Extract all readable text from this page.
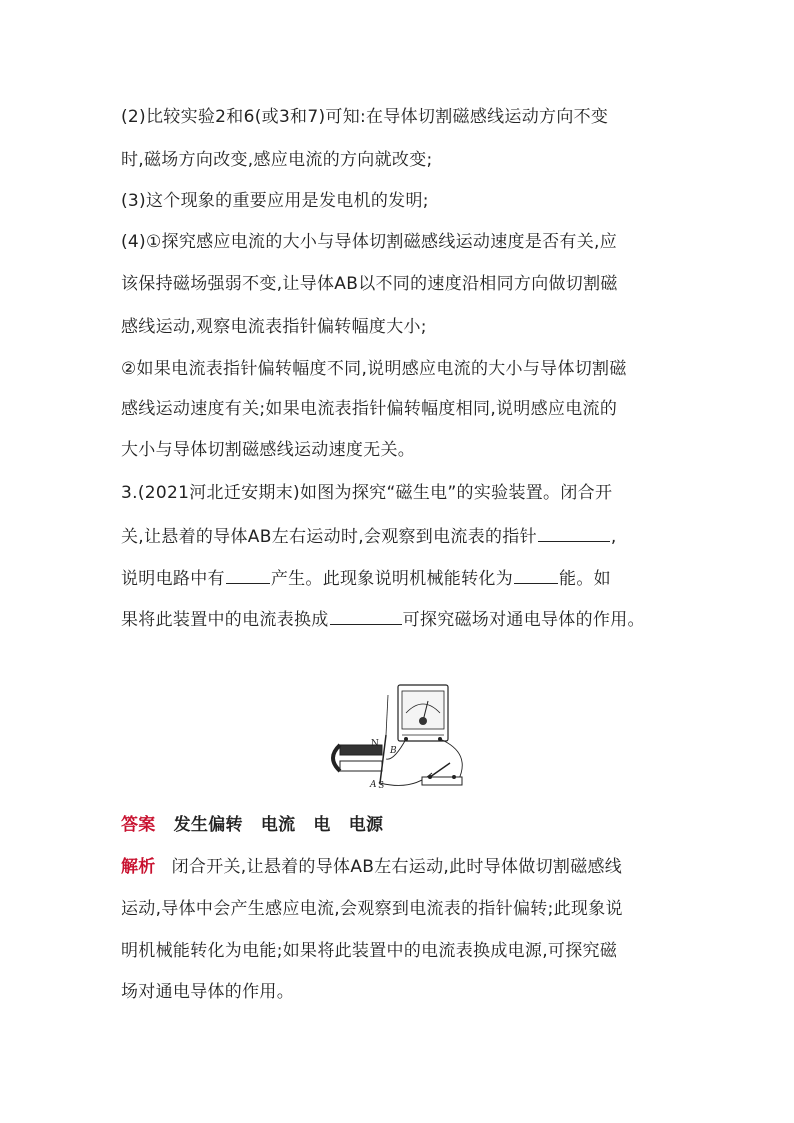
(2)比较实验2和6(或3和7)可知:在导体切割磁感线运动方向不变
时,磁场方向改变,感应电流的方向就改变;
(3)这个现象的重要应用是发电机的发明;
(4)①探究感应电流的大小与导体切割磁感线运动速度是否有关,应
该保持磁场强弱不变,让导体AB以不同的速度沿相同方向做切割磁
感线运动,观察电流表指针偏转幅度大小;
②如果电流表指针偏转幅度不同,说明感应电流的大小与导体切割磁
感线运动速度有关;如果电流表指针偏转幅度相同,说明感应电流的
大小与导体切割磁感线运动速度无关。
3.(2021河北迁安期末)如图为探究“磁生电”的实验装置。闭合开
关,让悬着的导体AB左右运动时,会观察到电流表的指针	,
说明电路中有	产生。此现象说明机械能转化为	能。如
果将此装置中的电流表换成	可探究磁场对通电导体的作用。
N
S
A
B
答案 发生偏转 电流 电 电源
解析 闭合开关,让悬着的导体AB左右运动,此时导体做切割磁感线
运动,导体中会产生感应电流,会观察到电流表的指针偏转;此现象说
明机械能转化为电能;如果将此装置中的电流表换成电源,可探究磁
场对通电导体的作用。
